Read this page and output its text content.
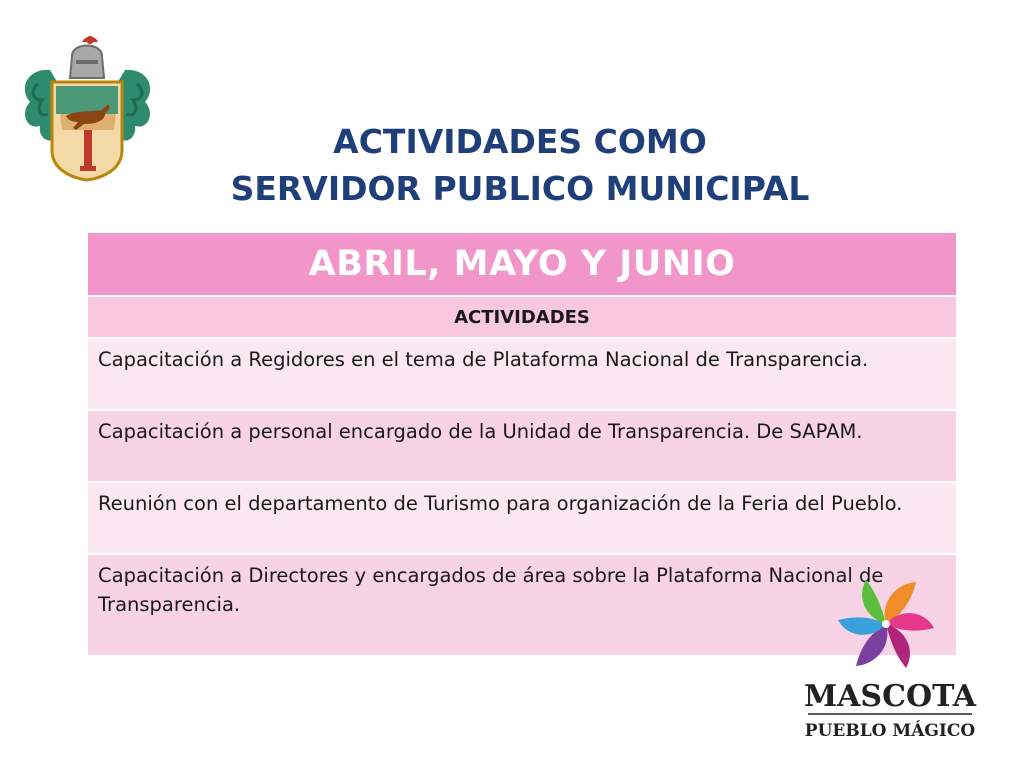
ACTIVIDADES COMO
SERVIDOR PUBLICO MUNICIPAL
ABRIL, MAYO Y JUNIO
ACTIVIDADES
Capacitación a Regidores en el tema de Plataforma Nacional de Transparencia.
Capacitación a personal encargado de la Unidad de Transparencia. De SAPAM.
Reunión con el departamento de Turismo para organización de la Feria del Pueblo.
Capacitación a Directores y encargados de área sobre la Plataforma Nacional de Transparencia.
MASCOTA
PUEBLO MÁGICO
